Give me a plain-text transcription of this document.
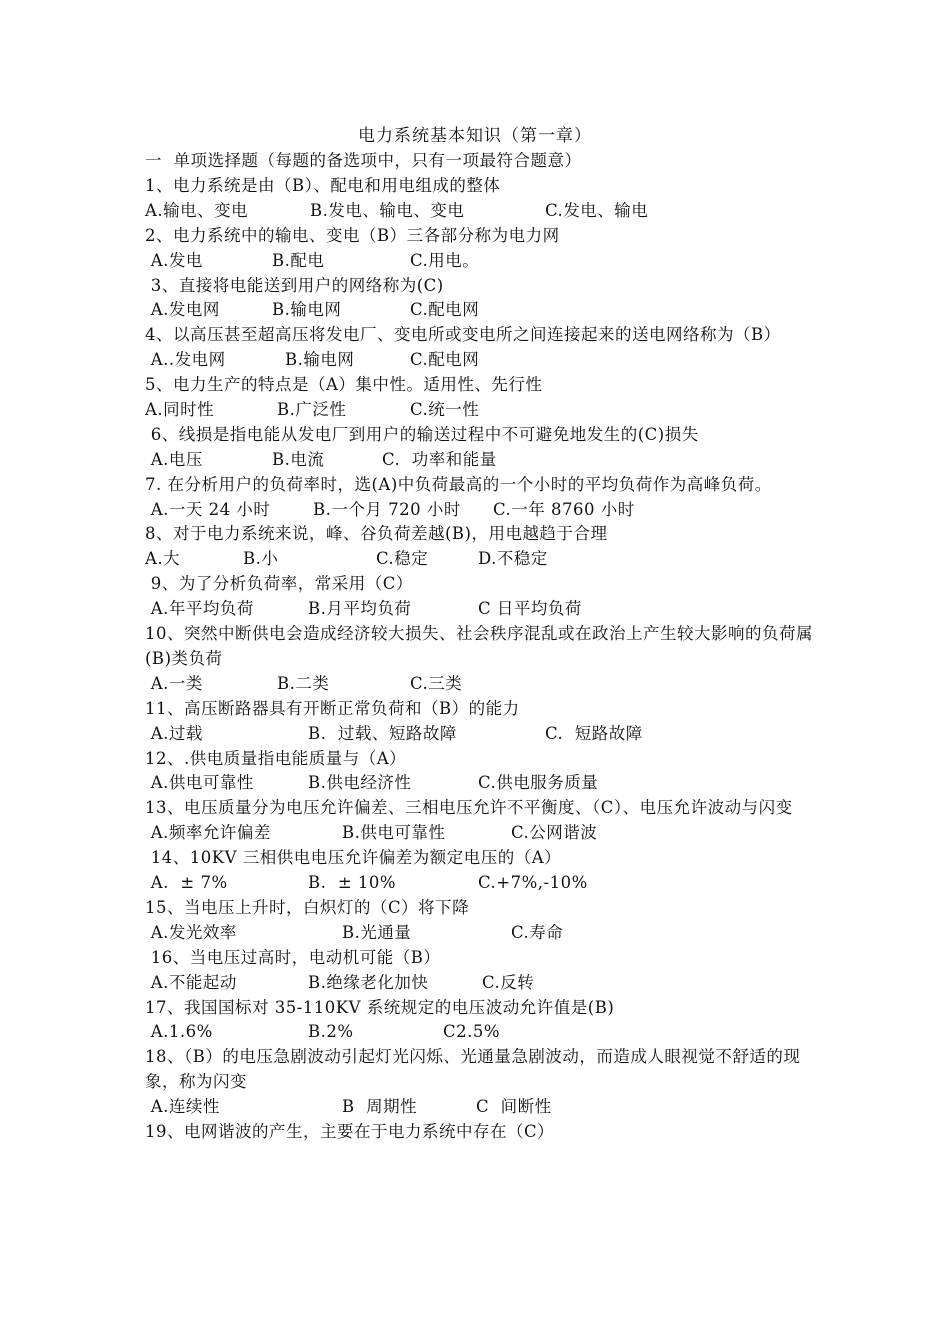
电力系统基本知识（第一章）
一  单项选择题（每题的备选项中，只有一项最符合题意）
1、电力系统是由（B）、配电和用电组成的整体
A.输电、变电	B.发电、输电、变电	C.发电、输电
2、电力系统中的输电、变电（B）三各部分称为电力网
A.发电	B.配电	C.用电。
3、直接将电能送到用户的网络称为(C)
A.发电网	B.输电网	C.配电网
4、以高压甚至超高压将发电厂、变电所或变电所之间连接起来的送电网络称为（B）
A..发电网	B.输电网	C.配电网
5、电力生产的特点是（A）集中性。适用性、先行性
A.同时性	B.广泛性	C.统一性
6、线损是指电能从发电厂到用户的输送过程中不可避免地发生的(C)损失
A.电压	B.电流	C.  功率和能量
7. 在分析用户的负荷率时，选(A)中负荷最高的一个小时的平均负荷作为高峰负荷。
A.一天 24 小时	B.一个月 720 小时 C.一年 8760 小时
8、对于电力系统来说，峰、谷负荷差越(B)，用电越趋于合理
A.大	B.小	C.稳定	D.不稳定
9、为了分析负荷率，常采用（C）
A.年平均负荷	B.月平均负荷	C 日平均负荷
10、突然中断供电会造成经济较大损失、社会秩序混乱或在政治上产生较大影响的负荷属(B)类负荷
A.一类	B.二类	C.三类
11、高压断路器具有开断正常负荷和（B）的能力
A.过载	B.  过载、短路故障	C.  短路故障
12、.供电质量指电能质量与（A）
A.供电可靠性	B.供电经济性	C.供电服务质量
13、电压质量分为电压允许偏差、三相电压允许不平衡度、（C）、电压允许波动与闪变
A.频率允许偏差	B.供电可靠性	C.公网谐波
14、10KV 三相供电电压允许偏差为额定电压的（A）
A.  ± 7%	B.  ± 10%	C.+7%,-10%
15、当电压上升时，白炽灯的（C）将下降
A.发光效率	B.光通量	C.寿命
16、当电压过高时，电动机可能（B）
A.不能起动	B.绝缘老化加快	C.反转
17、我国国标对 35-110KV 系统规定的电压波动允许值是(B)
A.1.6%	B.2%	C2.5%
18、（B）的电压急剧波动引起灯光闪烁、光通量急剧波动，而造成人眼视觉不舒适的现象，称为闪变
A.连续性	B  周期性	C  间断性
19、电网谐波的产生，主要在于电力系统中存在（C）
